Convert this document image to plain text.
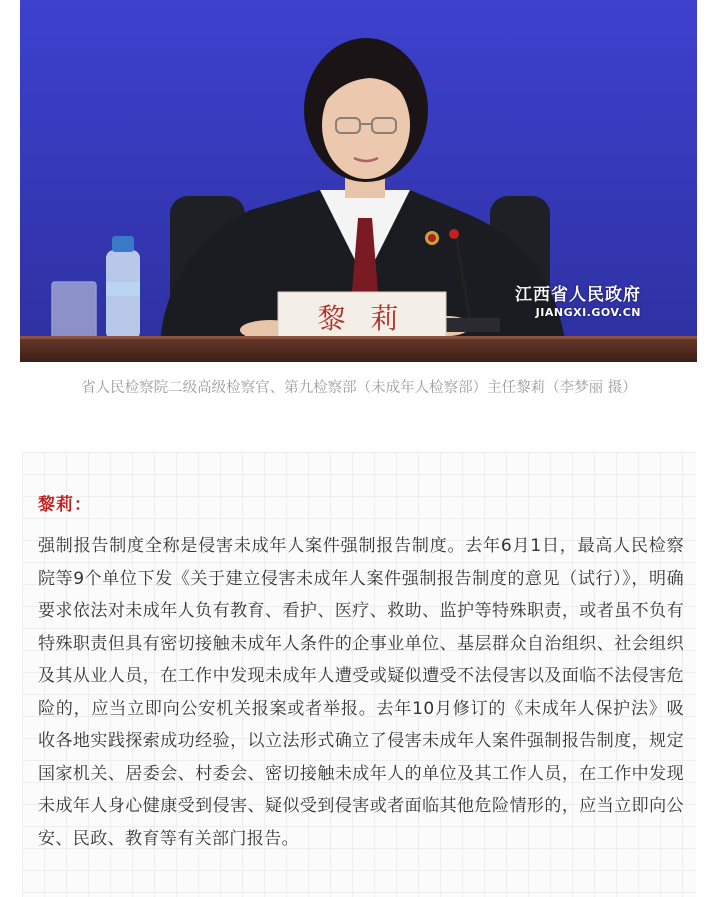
黎 莉
江西省人民政府
JIANGXI.GOV.CN
省人民检察院二级高级检察官、第九检察部（未成年人检察部）主任黎莉（李梦丽 摄）
黎莉：

强制报告制度全称是侵害未成年人案件强制报告制度。去年6月1日，最高人民检察院等9个单位下发《关于建立侵害未成年人案件强制报告制度的意见（试行）》，明确要求依法对未成年人负有教育、看护、医疗、救助、监护等特殊职责，或者虽不负有特殊职责但具有密切接触未成年人条件的企事业单位、基层群众自治组织、社会组织及其从业人员，在工作中发现未成年人遭受或疑似遭受不法侵害以及面临不法侵害危险的，应当立即向公安机关报案或者举报。去年10月修订的《未成年人保护法》吸收各地实践探索成功经验，以立法形式确立了侵害未成年人案件强制报告制度，规定国家机关、居委会、村委会、密切接触未成年人的单位及其工作人员，在工作中发现未成年人身心健康受到侵害、疑似受到侵害或者面临其他危险情形的，应当立即向公安、民政、教育等有关部门报告。
